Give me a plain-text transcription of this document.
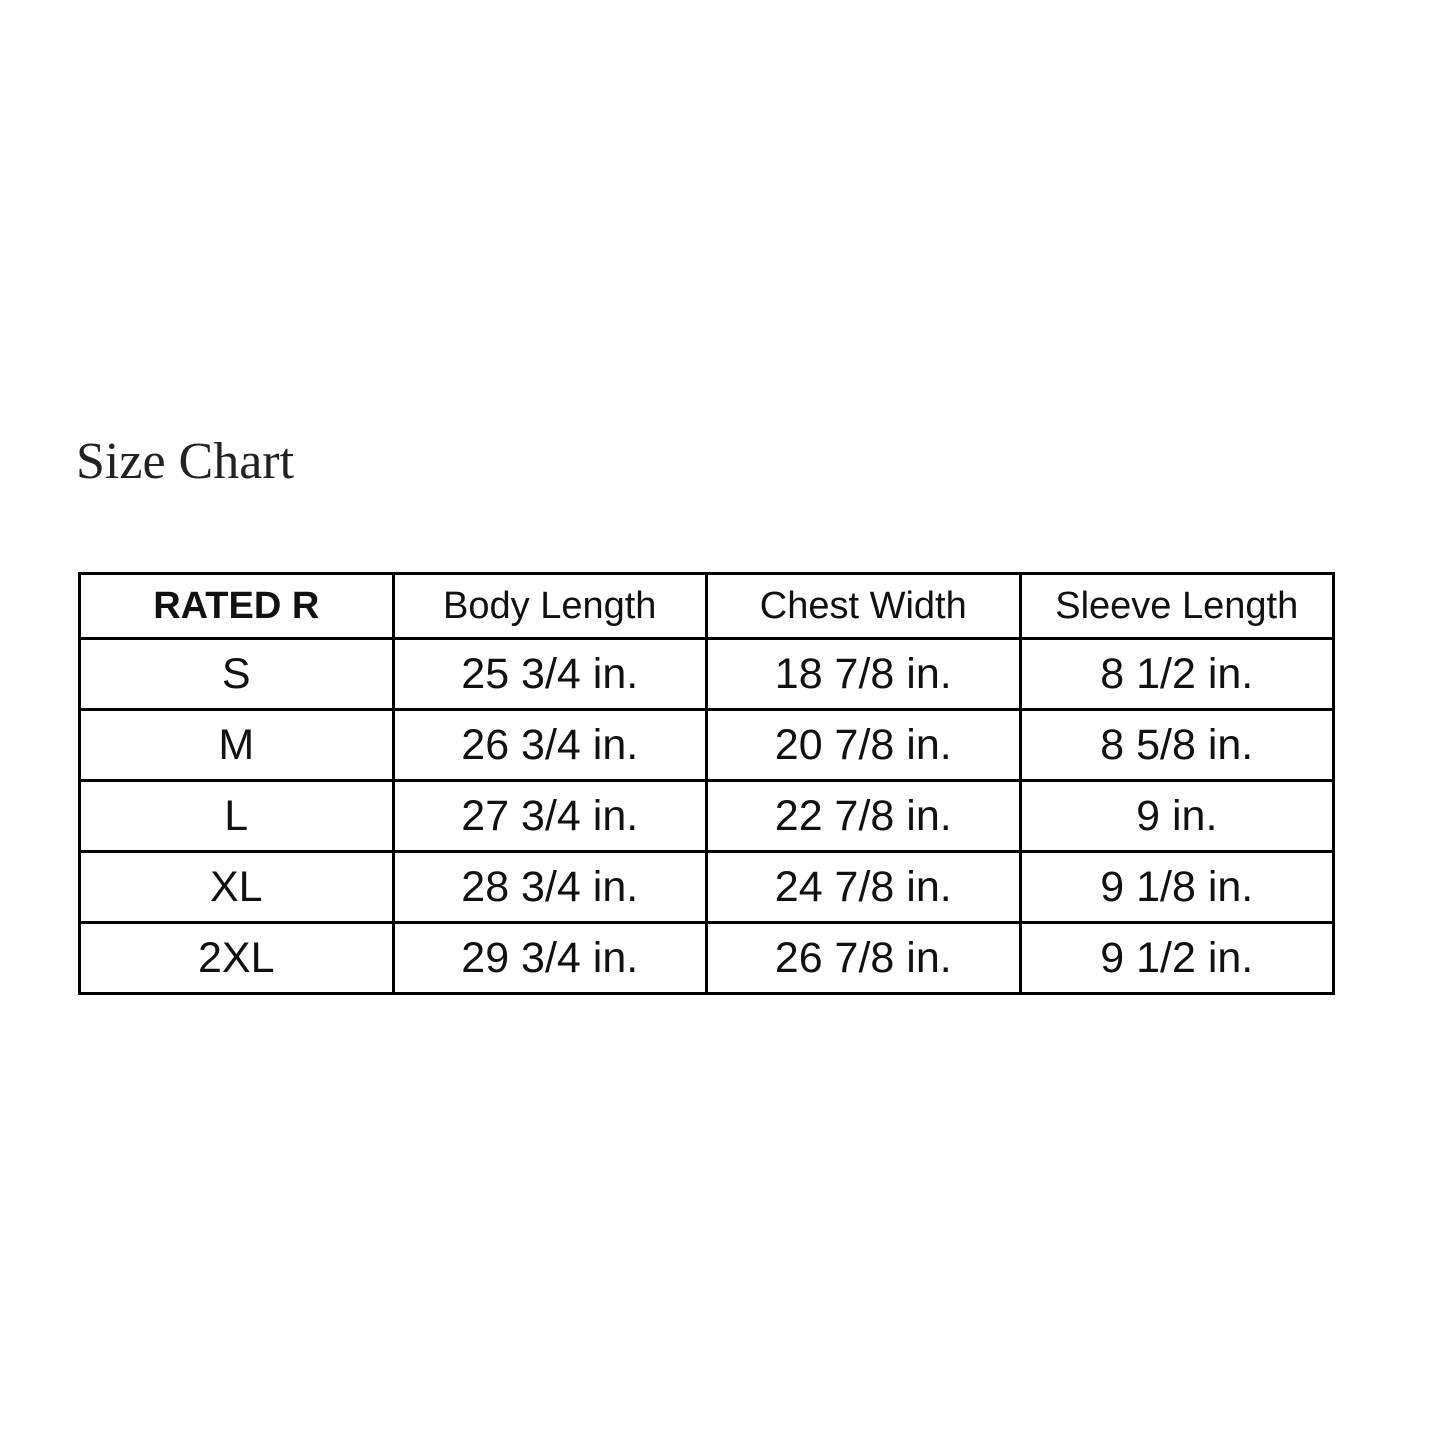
Size Chart
RATED R	Body Length	Chest Width	Sleeve Length
S	25 3/4 in.	18 7/8 in.	8 1/2 in.
M	26 3/4 in.	20 7/8 in.	8 5/8 in.
L	27 3/4 in.	22 7/8 in.	9 in.
XL	28 3/4 in.	24 7/8 in.	9 1/8 in.
2XL	29 3/4 in.	26 7/8 in.	9 1/2 in.
